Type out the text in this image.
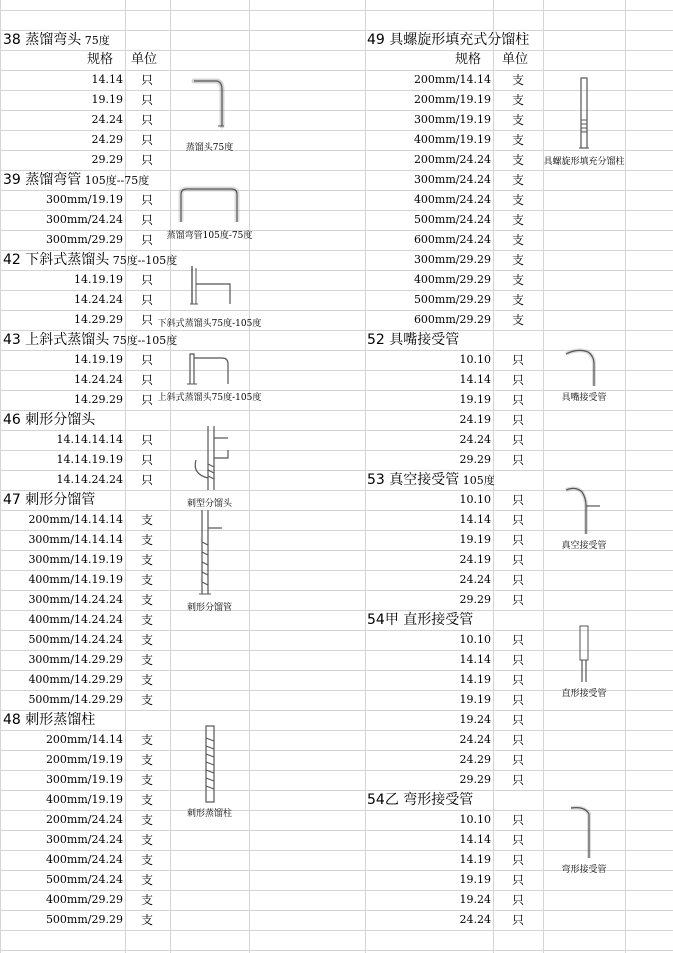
38 蒸馏弯头 75度
规格 单位
14.14 只
19.19 只
24.24 只
24.29 只
29.29 只
蒸馏头75度
39 蒸馏弯管 105度--75度
300mm/19.19 只
300mm/24.24 只
300mm/29.29 只	蒸馏弯管105度-75度
42 下斜式蒸馏头 75度--105度
14.19.19 只
14.24.24 只
14.29.29 只 下斜式蒸馏头75度-105度
43 上斜式蒸馏头 75度--105度
14.19.19 只
14.24.24 只
14.29.29 只 上斜式蒸馏头75度-105度
46 刺形分馏头
14.14.14.14 只
14.14.19.19 只
14.14.24.24 只
刺型分馏头
47 刺形分馏管
200mm/14.14.14 支
300mm/14.14.14 支
300mm/14.19.19 支
400mm/14.19.19 支
300mm/14.24.24 支
400mm/14.24.24 支
500mm/14.24.24 支
300mm/14.29.29 支
400mm/14.29.29 支
500mm/14.29.29 支
刺形分馏管
48 刺形蒸馏柱
200mm/14.14 支
200mm/19.19 支
300mm/19.19 支
400mm/19.19 支
200mm/24.24 支
300mm/24.24 支
400mm/24.24 支
500mm/24.24 支
400mm/29.29 支
500mm/29.29 支
刺形蒸馏柱
49 具螺旋形填充式分馏柱
规格 单位
200mm/14.14 支
200mm/19.19 支
300mm/19.19 支
400mm/19.19 支
200mm/24.24 支
300mm/24.24 支
400mm/24.24 支
500mm/24.24 支
600mm/24.24 支
300mm/29.29 支
400mm/29.29 支
500mm/29.29 支
600mm/29.29 支
具螺旋形填充分馏柱
52 具嘴接受管
10.10 只
14.14 只
19.19 只
24.19 只
24.24 只
29.29 只
具嘴接受管
53 真空接受管 105度
10.10 只
14.14 只
19.19 只
24.19 只
24.24 只
29.29 只
真空接受管
54甲 直形接受管
10.10 只
14.14 只
14.19 只
19.19 只
19.24 只
24.24 只
24.29 只
29.29 只
直形接受管
54乙 弯形接受管
10.10 只
14.14 只
14.19 只
19.19 只
19.24 只
24.24 只
弯形接受管
